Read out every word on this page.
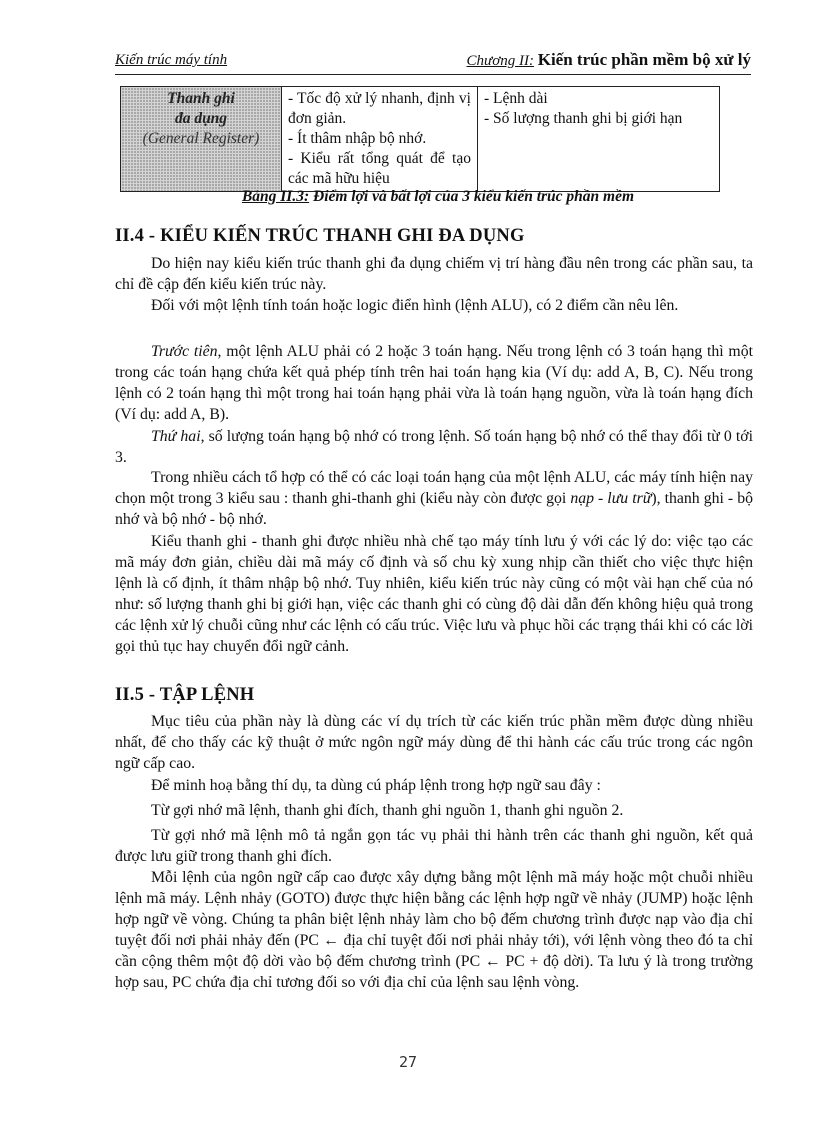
Kiến trúc máy tính	Chương II: Kiến trúc phần mềm bộ xử lý
Thanh ghi
đa dụng
(General Register)

- Tốc độ xử lý nhanh, định vị đơn giản.
- Ít thâm nhập bộ nhớ.
- Kiểu rất tổng quát để tạo các mã hữu hiệu

- Lệnh dài
- Số lượng thanh ghi bị giới hạn
Bảng II.3: Điểm lợi và bất lợi của 3 kiểu kiến trúc phần mềm
II.4 - KIỂU KIẾN TRÚC THANH GHI ĐA DỤNG

Do hiện nay kiểu kiến trúc thanh ghi đa dụng chiếm vị trí hàng đầu nên trong các phần sau, ta chỉ đề cập đến kiểu kiến trúc này.

Đối với một lệnh tính toán hoặc logic điển hình (lệnh ALU), có 2 điểm cần nêu lên.

Trước tiên, một lệnh ALU phải có 2 hoặc 3 toán hạng. Nếu trong lệnh có 3 toán hạng thì một trong các toán hạng chứa kết quả phép tính trên hai toán hạng kia (Ví dụ: add A, B, C). Nếu trong lệnh có 2 toán hạng thì một trong hai toán hạng phải vừa là toán hạng nguồn, vừa là toán hạng đích (Ví dụ: add A, B).

Thứ hai, số lượng toán hạng bộ nhớ có trong lệnh. Số toán hạng bộ nhớ có thể thay đổi từ 0 tới 3.

Trong nhiều cách tổ hợp có thể có các loại toán hạng của một lệnh ALU, các máy tính hiện nay chọn một trong 3 kiểu sau : thanh ghi-thanh ghi (kiểu này còn được gọi nạp - lưu trữ), thanh ghi - bộ nhớ và bộ nhớ - bộ nhớ.

Kiểu thanh ghi - thanh ghi được nhiều nhà chế tạo máy tính lưu ý với các lý do: việc tạo các mã máy đơn giản, chiều dài mã máy cố định và số chu kỳ xung nhịp cần thiết cho việc thực hiện lệnh là cố định, ít thâm nhập bộ nhớ. Tuy nhiên, kiểu kiến trúc này cũng có một vài hạn chế của nó như: số lượng thanh ghi bị giới hạn, việc các thanh ghi có cùng độ dài dẫn đến không hiệu quả trong các lệnh xử lý chuỗi cũng như các lệnh có cấu trúc. Việc lưu và phục hồi các trạng thái khi có các lời gọi thủ tục hay chuyển đổi ngữ cảnh.

II.5 - TẬP LỆNH

Mục tiêu của phần này là dùng các ví dụ trích từ các kiến trúc phần mềm được dùng nhiều nhất, để cho thấy các kỹ thuật ở mức ngôn ngữ máy dùng để thi hành các cấu trúc trong các ngôn ngữ cấp cao.

Để minh hoạ bằng thí dụ, ta dùng cú pháp lệnh trong hợp ngữ sau đây :

Từ gợi nhớ mã lệnh, thanh ghi đích, thanh ghi nguồn 1, thanh ghi nguồn 2.

Từ gợi nhớ mã lệnh mô tả ngắn gọn tác vụ phải thi hành trên các thanh ghi nguồn, kết quả được lưu giữ trong thanh ghi đích.

Mỗi lệnh của ngôn ngữ cấp cao được xây dựng bằng một lệnh mã máy hoặc một chuỗi nhiều lệnh mã máy. Lệnh nhảy (GOTO) được thực hiện bằng các lệnh hợp ngữ về nhảy (JUMP) hoặc lệnh hợp ngữ về vòng. Chúng ta phân biệt lệnh nhảy làm cho bộ đếm chương trình được nạp vào địa chỉ tuyệt đối nơi phải nhảy đến (PC ← địa chỉ tuyệt đối nơi phải nhảy tới), với lệnh vòng theo đó ta chỉ cần cộng thêm một độ dời vào bộ đếm chương trình (PC ← PC + độ dời). Ta lưu ý là trong trường hợp sau, PC chứa địa chỉ tương đối so với địa chỉ của lệnh sau lệnh vòng.

27
